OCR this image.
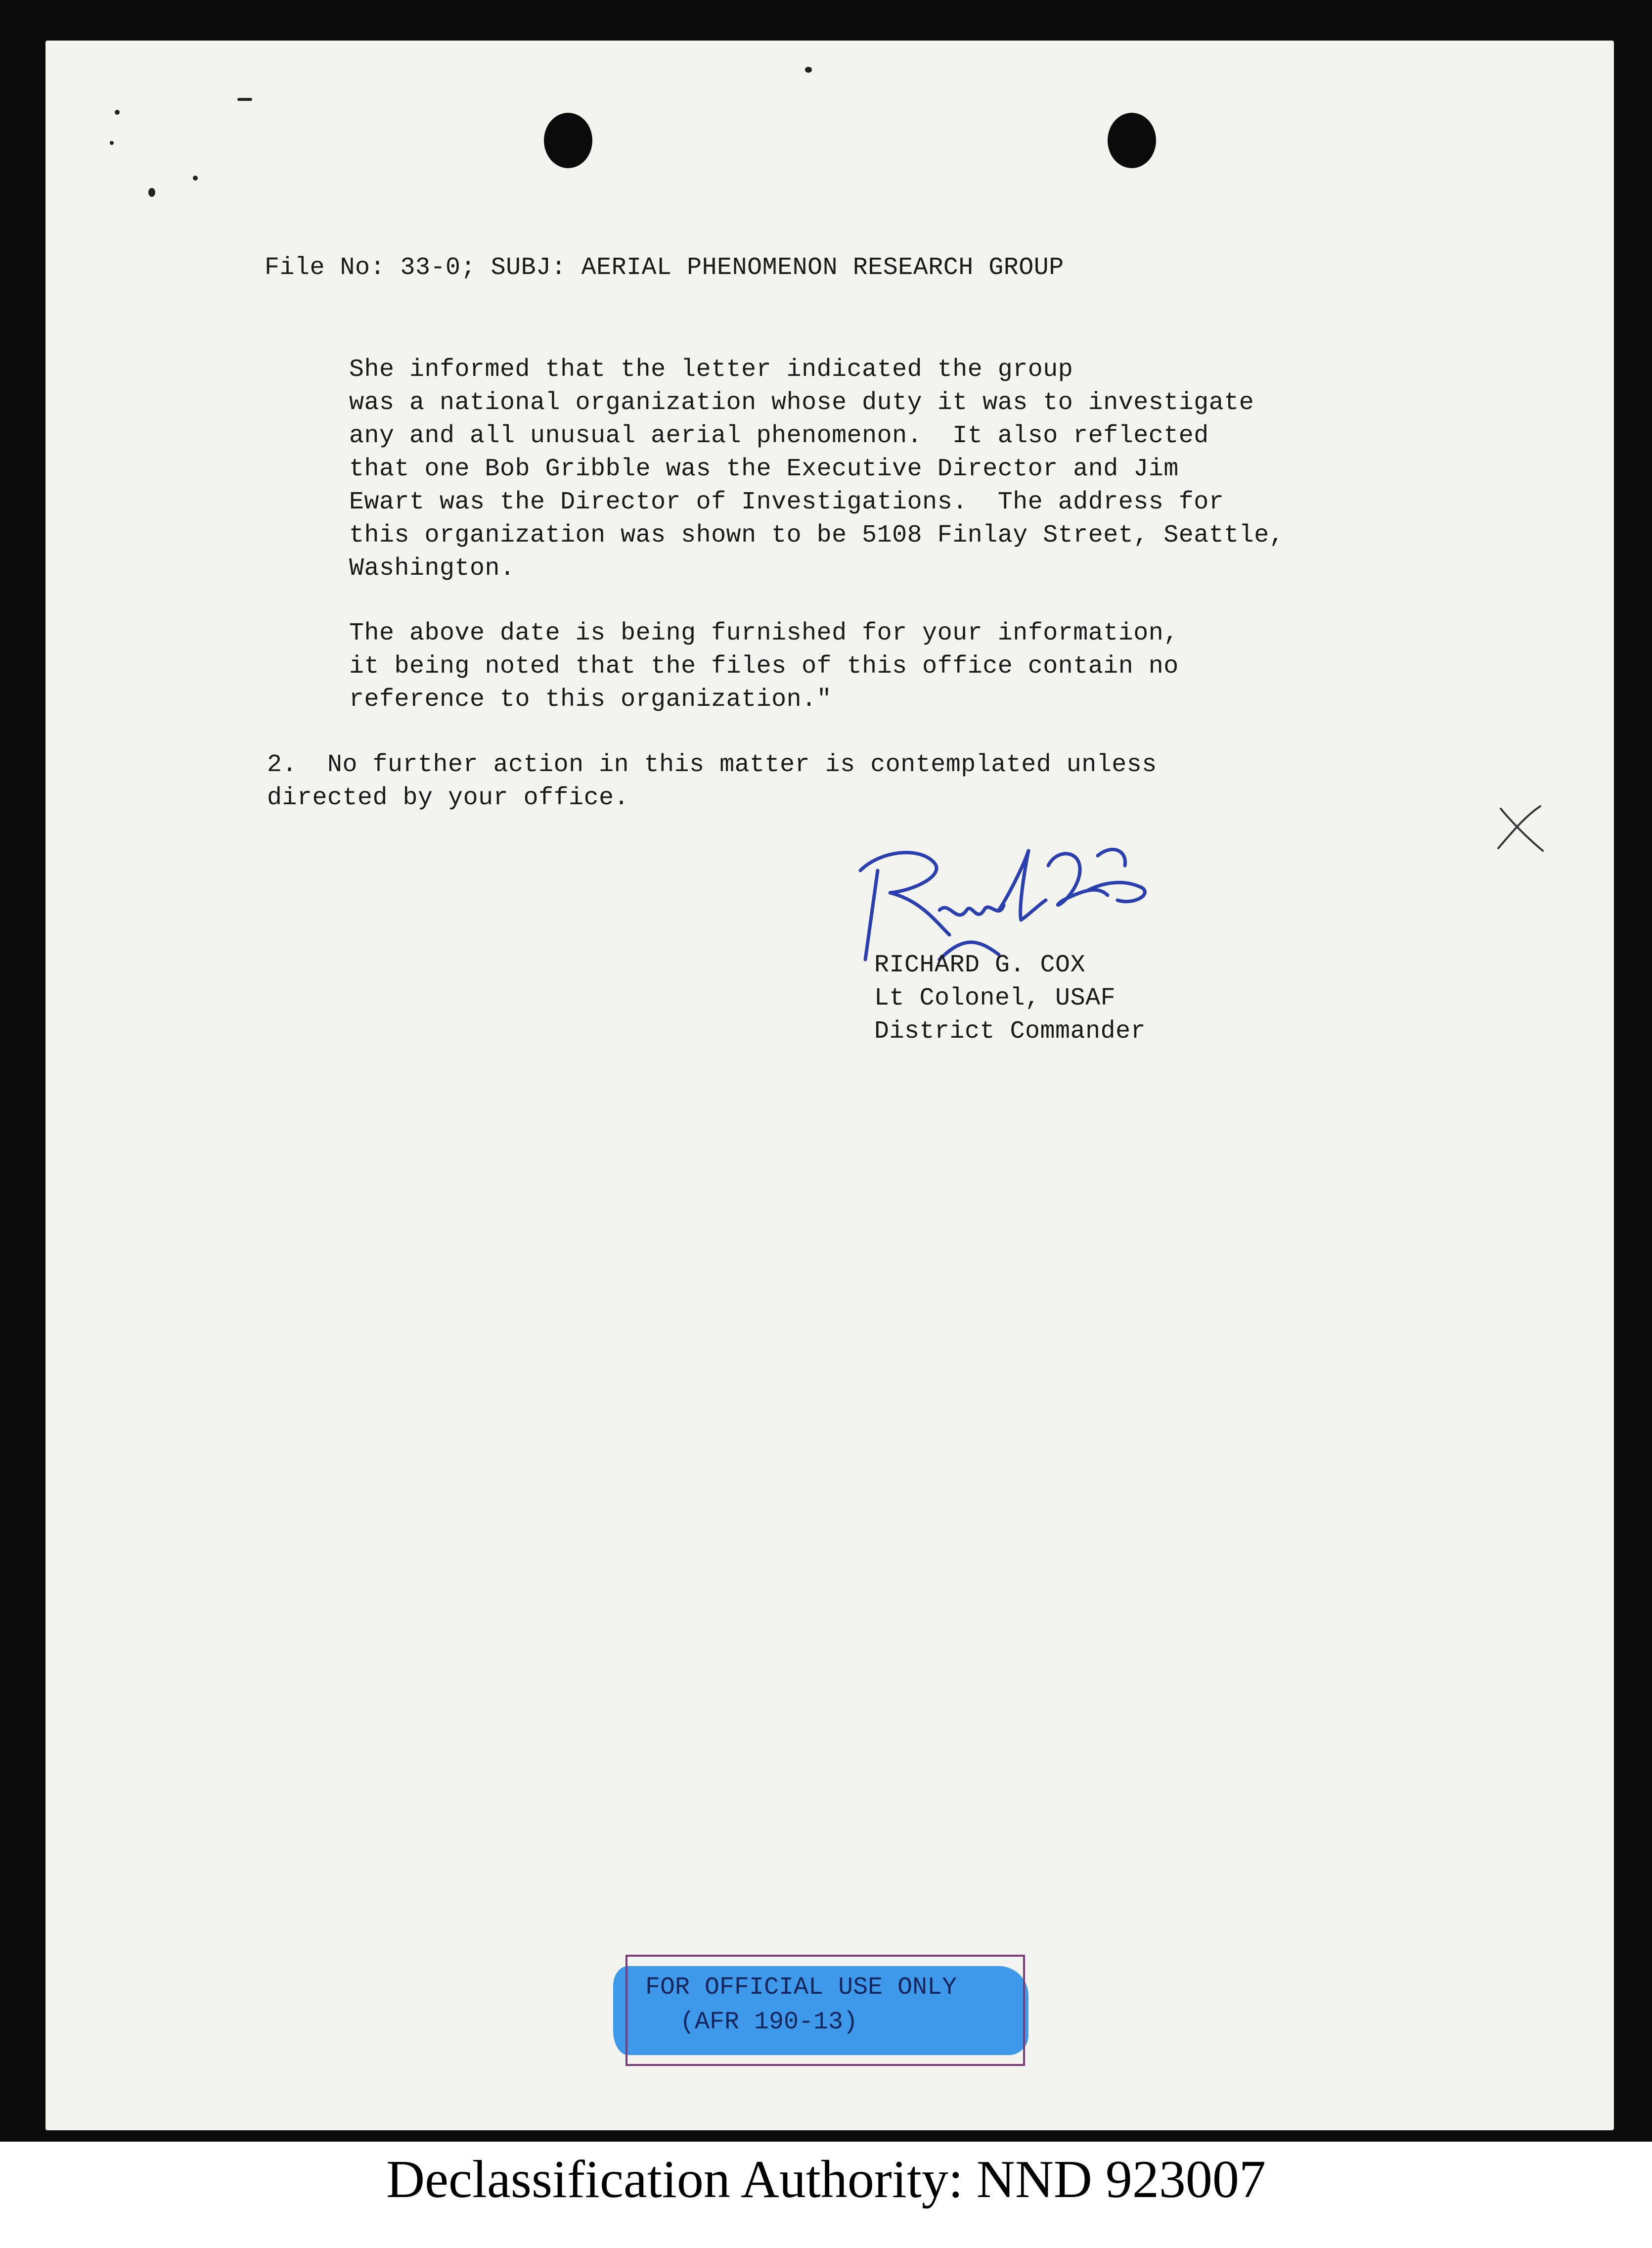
File No: 33-0; SUBJ: AERIAL PHENOMENON RESEARCH GROUP
She informed that the letter indicated the group
was a national organization whose duty it was to investigate
any and all unusual aerial phenomenon.  It also reflected
that one Bob Gribble was the Executive Director and Jim
Ewart was the Director of Investigations.  The address for
this organization was shown to be 5108 Finlay Street, Seattle,
Washington.
The above date is being furnished for your information,
it being noted that the files of this office contain no
reference to this organization."
2.  No further action in this matter is contemplated unless
directed by your office.
RICHARD G. COX
Lt Colonel, USAF
District Commander
FOR OFFICIAL USE ONLY
(AFR 190-13)
Declassification Authority: NND 923007
